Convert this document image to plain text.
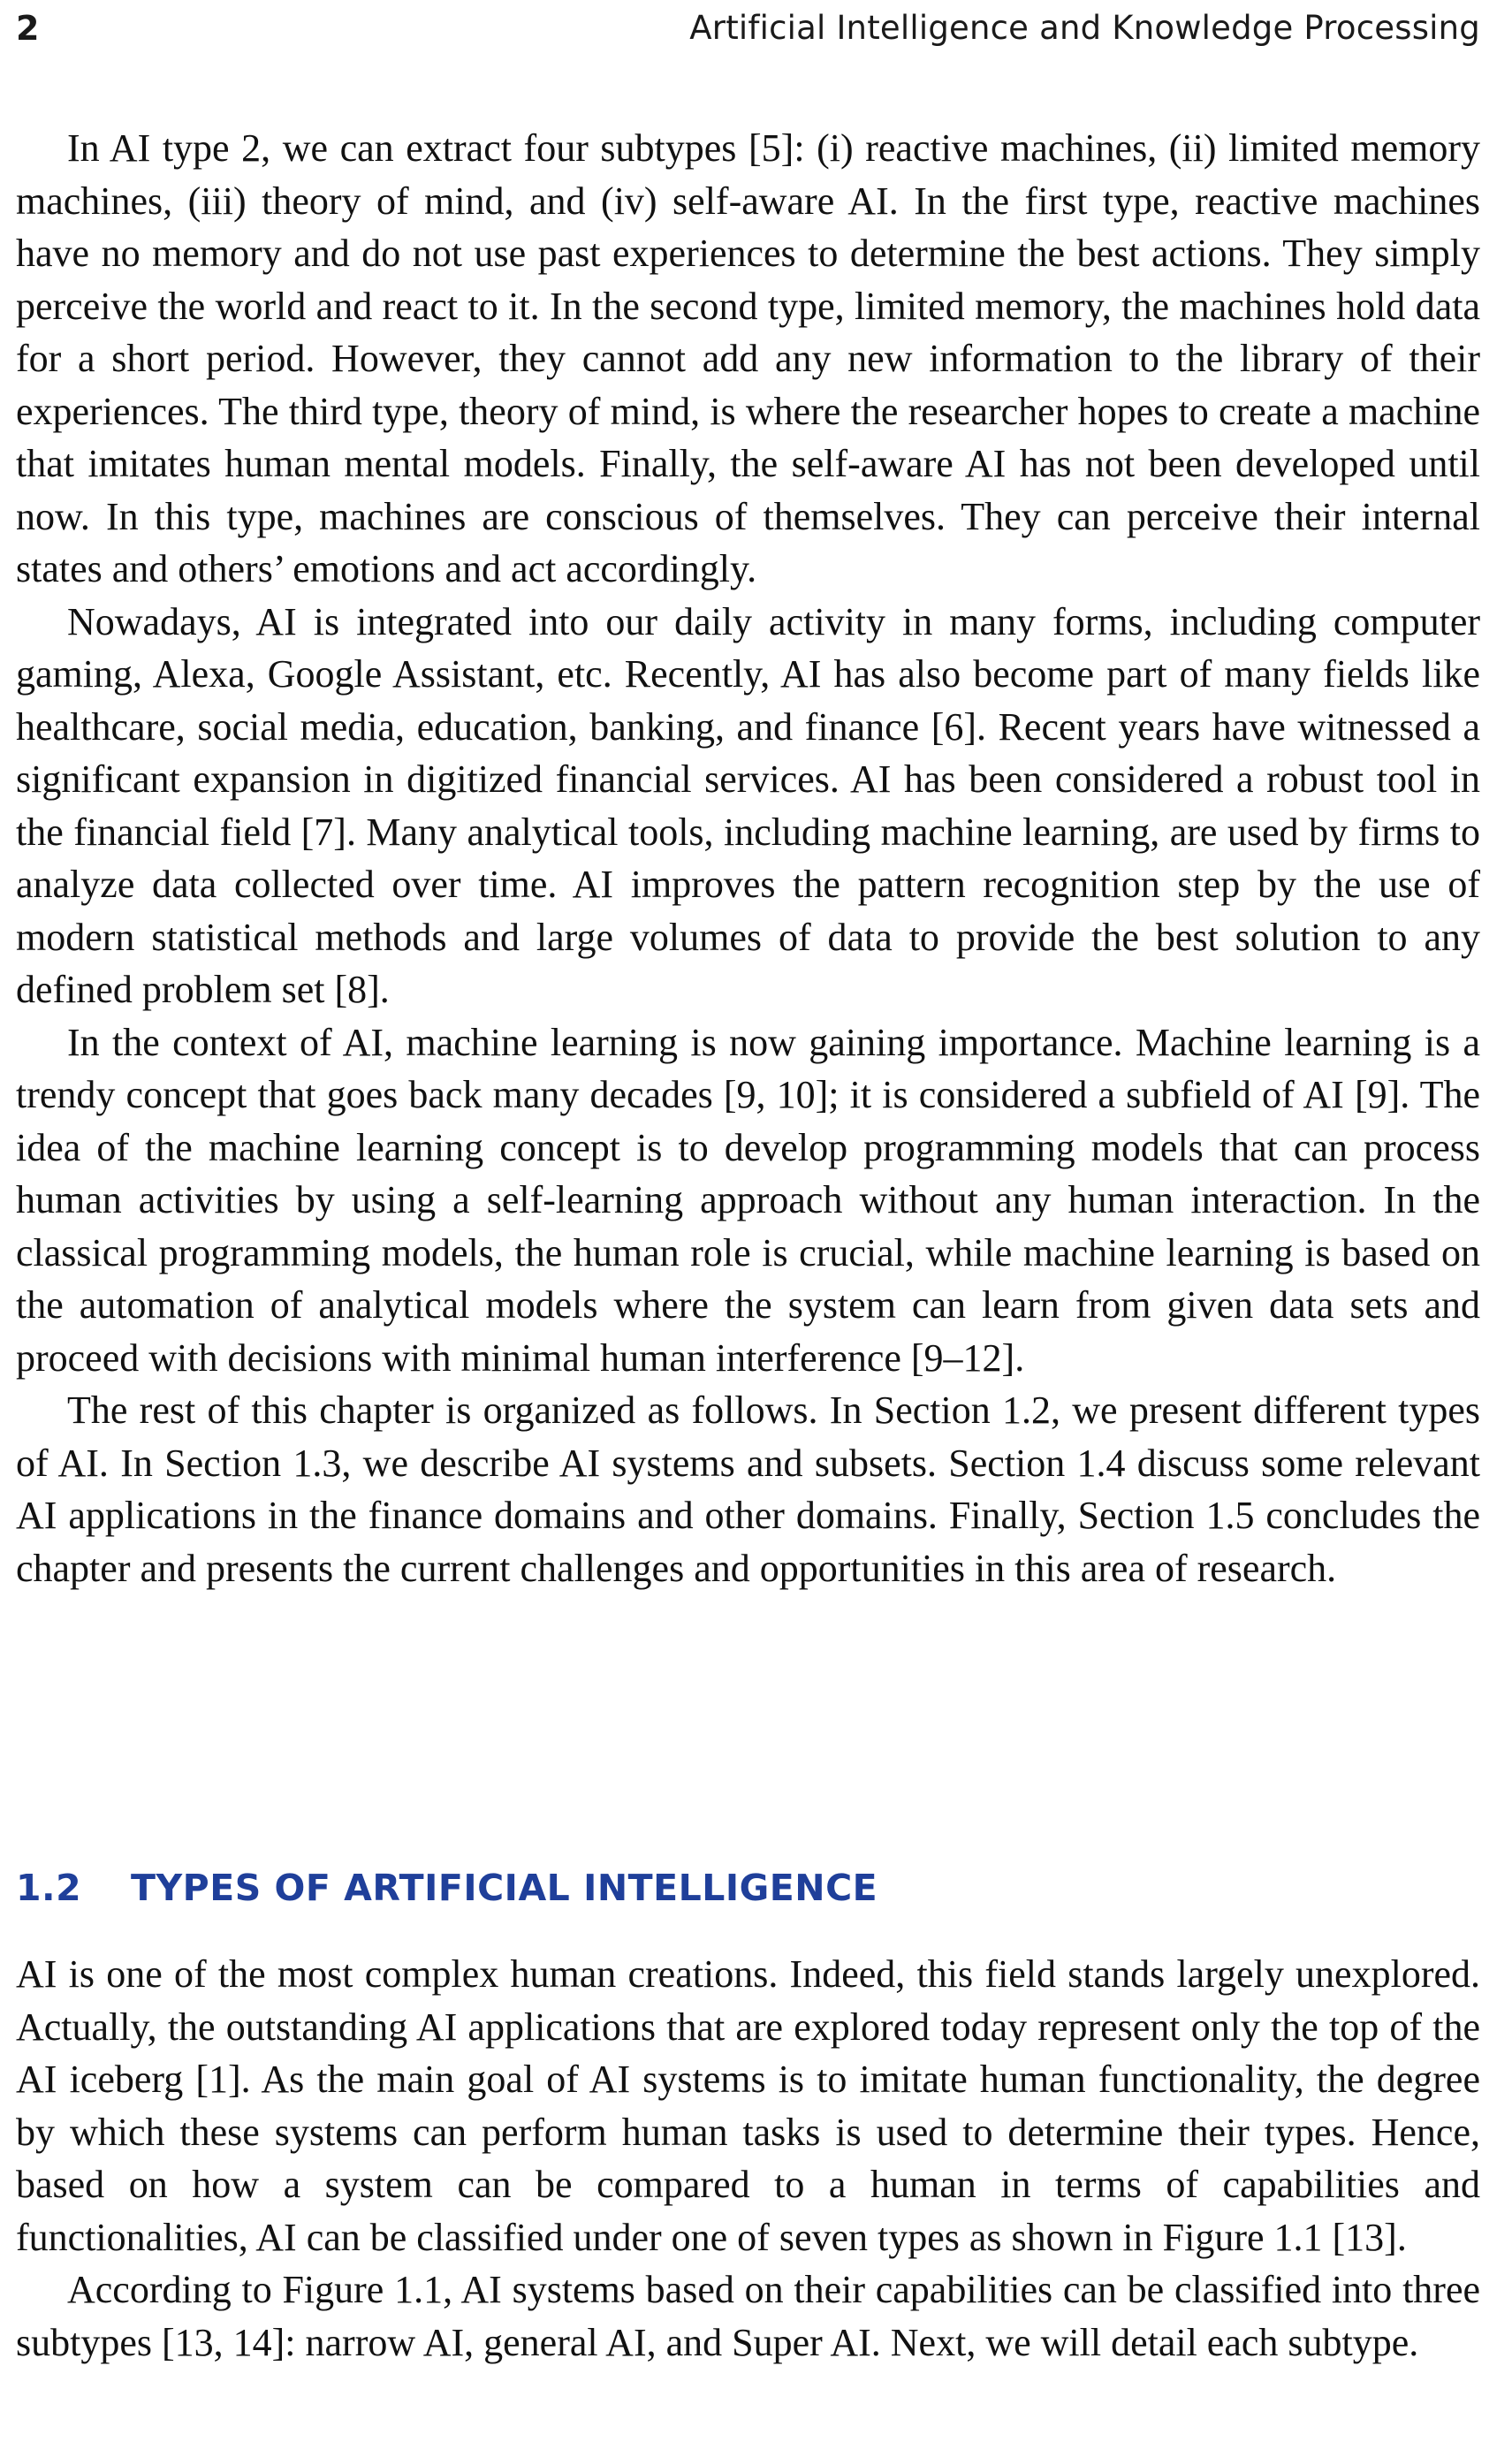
2	Artificial Intelligence and Knowledge Processing

In AI type 2, we can extract four subtypes [5]: (i) reactive machines, (ii) limited memory machines, (iii) theory of mind, and (iv) self-aware AI. In the first type, reactive machines have no memory and do not use past experiences to determine the best actions. They simply perceive the world and react to it. In the second type, limited memory, the machines hold data for a short period. However, they cannot add any new information to the library of their experiences. The third type, theory of mind, is where the researcher hopes to create a machine that imitates human mental models. Finally, the self-aware AI has not been developed until now. In this type, machines are conscious of themselves. They can perceive their internal states and others’ emotions and act accordingly.

Nowadays, AI is integrated into our daily activity in many forms, including computer gaming, Alexa, Google Assistant, etc. Recently, AI has also become part of many fields like healthcare, social media, education, banking, and finance [6]. Recent years have witnessed a significant expansion in digitized financial services. AI has been considered a robust tool in the financial field [7]. Many analytical tools, including machine learning, are used by firms to analyze data collected over time. AI improves the pattern recognition step by the use of modern statistical methods and large volumes of data to provide the best solution to any defined problem set [8].

In the context of AI, machine learning is now gaining importance. Machine learning is a trendy concept that goes back many decades [9, 10]; it is considered a subfield of AI [9]. The idea of the machine learning concept is to develop programming models that can process human activities by using a self-learning approach without any human interaction. In the classical programming models, the human role is crucial, while machine learning is based on the automation of analytical models where the system can learn from given data sets and proceed with decisions with minimal human interference [9–12].

The rest of this chapter is organized as follows. In Section 1.2, we present different types of AI. In Section 1.3, we describe AI systems and subsets. Section 1.4 discuss some relevant AI applications in the finance domains and other domains. Finally, Section 1.5 concludes the chapter and presents the current challenges and opportunities in this area of research.

1.2 TYPES OF ARTIFICIAL INTELLIGENCE

AI is one of the most complex human creations. Indeed, this field stands largely unexplored. Actually, the outstanding AI applications that are explored today represent only the top of the AI iceberg [1]. As the main goal of AI systems is to imitate human functionality, the degree by which these systems can perform human tasks is used to determine their types. Hence, based on how a system can be compared to a human in terms of capabilities and functionalities, AI can be classified under one of seven types as shown in Figure 1.1 [13].

According to Figure 1.1, AI systems based on their capabilities can be classified into three subtypes [13, 14]: narrow AI, general AI, and Super AI. Next, we will detail each subtype.
